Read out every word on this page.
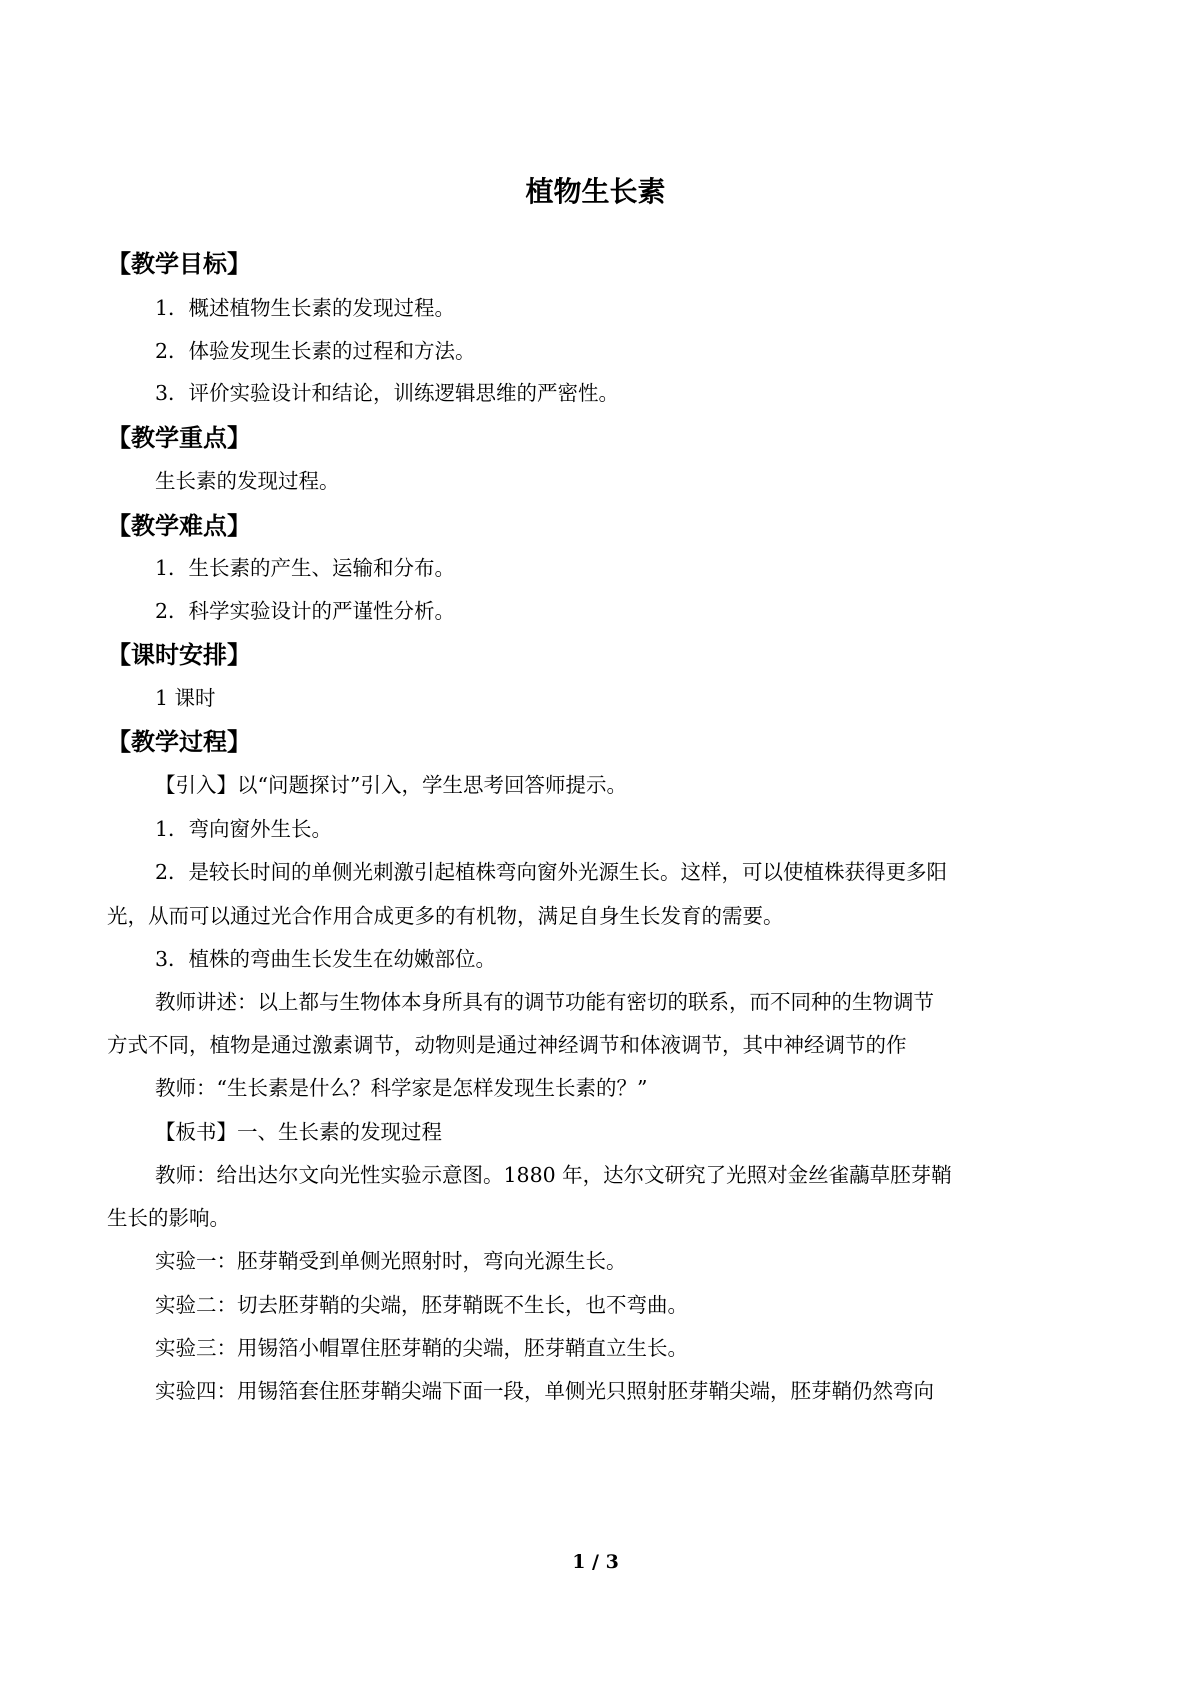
植物生长素
【教学目标】
1．概述植物生长素的发现过程。
2．体验发现生长素的过程和方法。
3．评价实验设计和结论，训练逻辑思维的严密性。
【教学重点】
生长素的发现过程。
【教学难点】
1．生长素的产生、运输和分布。
2．科学实验设计的严谨性分析。
【课时安排】
1 课时
【教学过程】
【引入】以“问题探讨”引入，学生思考回答师提示。
1．弯向窗外生长。
2．是较长时间的单侧光刺激引起植株弯向窗外光源生长。这样，可以使植株获得更多阳
光，从而可以通过光合作用合成更多的有机物，满足自身生长发育的需要。
3．植株的弯曲生长发生在幼嫩部位。
教师讲述：以上都与生物体本身所具有的调节功能有密切的联系，而不同种的生物调节
方式不同，植物是通过激素调节，动物则是通过神经调节和体液调节，其中神经调节的作
教师：“生长素是什么？科学家是怎样发现生长素的？”
【板书】一、生长素的发现过程
教师：给出达尔文向光性实验示意图。1880 年，达尔文研究了光照对金丝雀虉草胚芽鞘
生长的影响。
实验一：胚芽鞘受到单侧光照射时，弯向光源生长。
实验二：切去胚芽鞘的尖端，胚芽鞘既不生长，也不弯曲。
实验三：用锡箔小帽罩住胚芽鞘的尖端，胚芽鞘直立生长。
实验四：用锡箔套住胚芽鞘尖端下面一段，单侧光只照射胚芽鞘尖端，胚芽鞘仍然弯向
1 / 3
